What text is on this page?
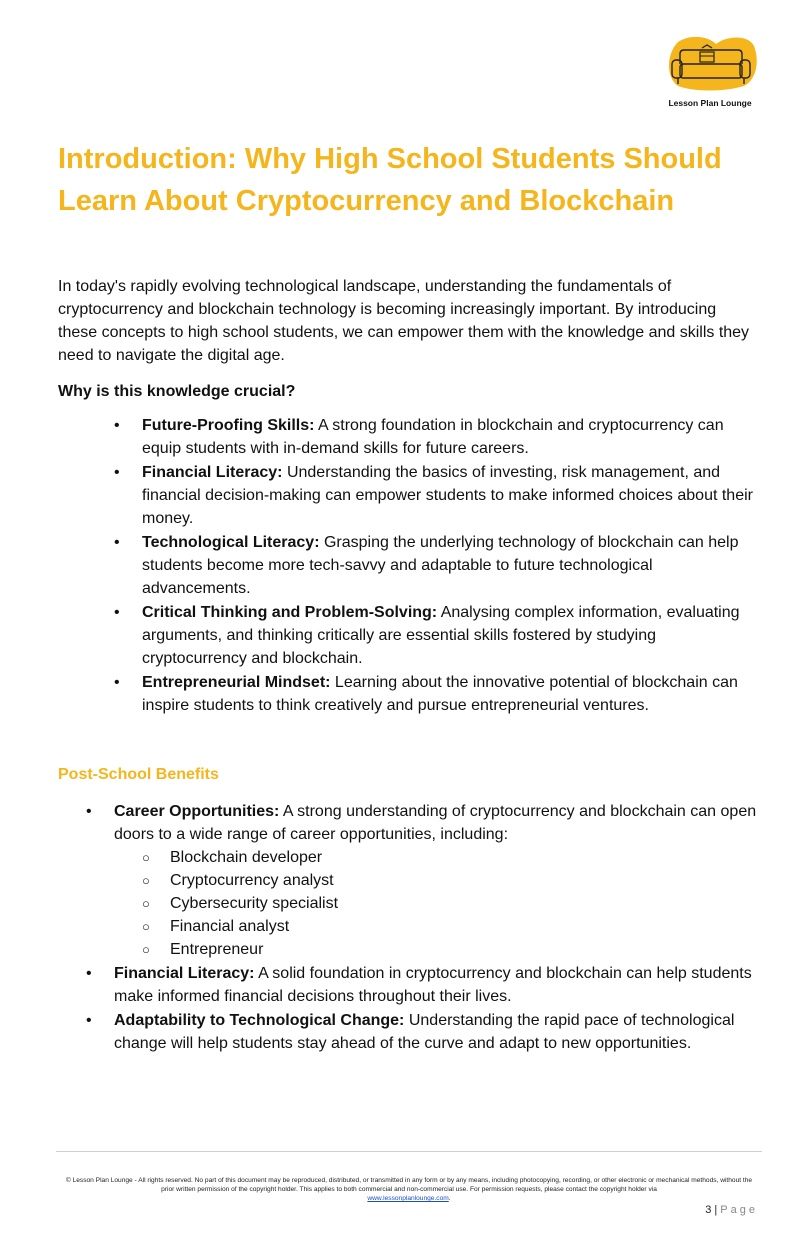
Lesson Plan Lounge
Introduction: Why High School Students Should Learn About Cryptocurrency and Blockchain

In today's rapidly evolving technological landscape, understanding the fundamentals of cryptocurrency and blockchain technology is becoming increasingly important. By introducing these concepts to high school students, we can empower them with the knowledge and skills they need to navigate the digital age.

Why is this knowledge crucial?

• Future-Proofing Skills: A strong foundation in blockchain and cryptocurrency can equip students with in-demand skills for future careers.
• Financial Literacy: Understanding the basics of investing, risk management, and financial decision-making can empower students to make informed choices about their money.
• Technological Literacy: Grasping the underlying technology of blockchain can help students become more tech-savvy and adaptable to future technological advancements.
• Critical Thinking and Problem-Solving: Analysing complex information, evaluating arguments, and thinking critically are essential skills fostered by studying cryptocurrency and blockchain.
• Entrepreneurial Mindset: Learning about the innovative potential of blockchain can inspire students to think creatively and pursue entrepreneurial ventures.

Post-School Benefits

• Career Opportunities: A strong understanding of cryptocurrency and blockchain can open doors to a wide range of career opportunities, including:
○ Blockchain developer
○ Cryptocurrency analyst
○ Cybersecurity specialist
○ Financial analyst
○ Entrepreneur
• Financial Literacy: A solid foundation in cryptocurrency and blockchain can help students make informed financial decisions throughout their lives.
• Adaptability to Technological Change: Understanding the rapid pace of technological change will help students stay ahead of the curve and adapt to new opportunities.

© Lesson Plan Lounge - All rights reserved. No part of this document may be reproduced, distributed, or transmitted in any form or by any means, including photocopying, recording, or other electronic or mechanical methods, without the prior written permission of the copyright holder. This applies to both commercial and non-commercial use. For permission requests, please contact the copyright holder via
www.lessonplanlounge.com.

3 | Page
